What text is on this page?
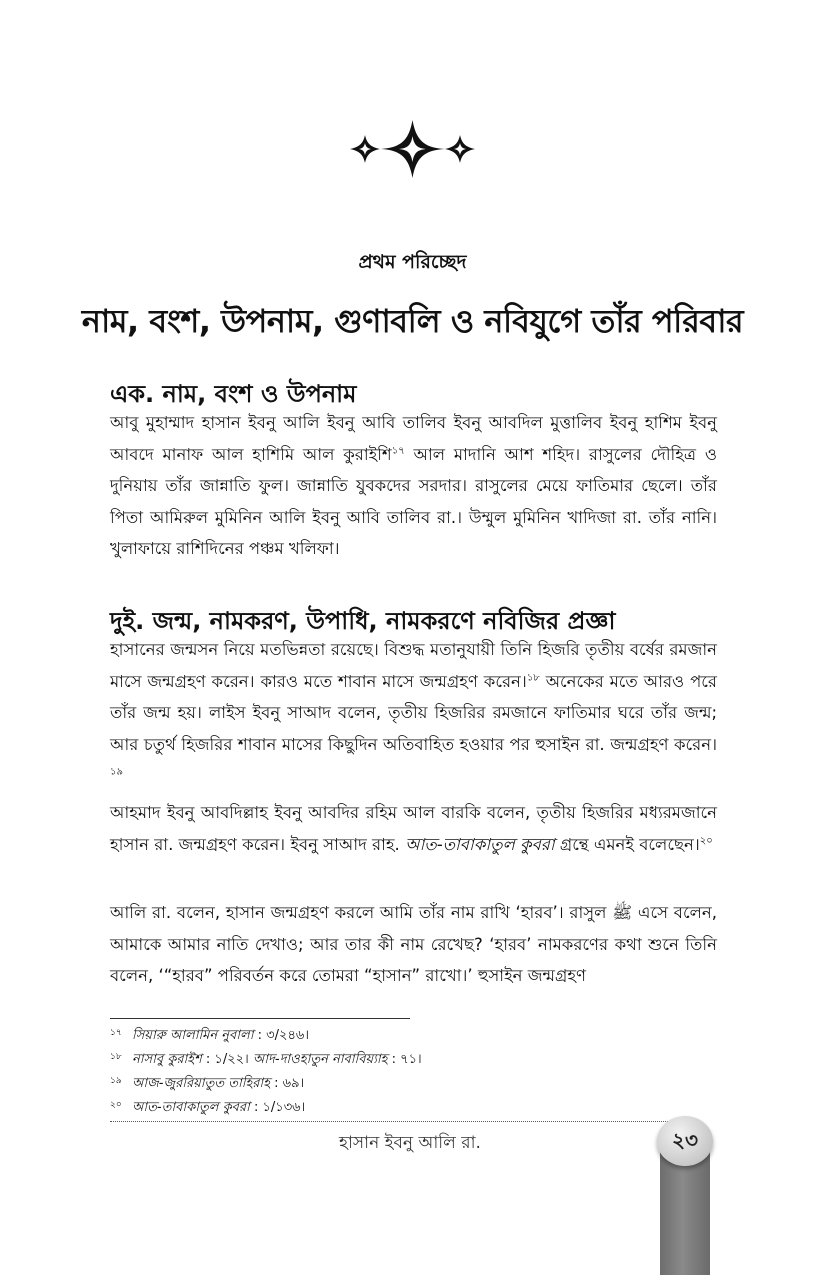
প্রথম পরিচ্ছেদ
নাম, বংশ, উপনাম, গুণাবলি ও নবিযুগে তাঁর পরিবার
এক. নাম, বংশ ও উপনাম

আবু মুহাম্মাদ হাসান ইবনু আলি ইবনু আবি তালিব ইবনু আবদিল মুত্তালিব ইবনু হাশিম ইবনু আবদে মানাফ আল হাশিমি আল কুরাইশি$^{১৭}$ আল মাদানি আশ শহিদ। রাসুলের দৌহিত্র ও দুনিয়ায় তাঁর জান্নাতি ফুল। জান্নাতি যুবকদের সরদার। রাসুলের মেয়ে ফাতিমার ছেলে। তাঁর পিতা আমিরুল মুমিনিন আলি ইবনু আবি তালিব রা.। উম্মুল মুমিনিন খাদিজা রা. তাঁর নানি। খুলাফায়ে রাশিদিনের পঞ্চম খলিফা।

দুই. জন্ম, নামকরণ, উপাধি, নামকরণে নবিজির প্রজ্ঞা

হাসানের জন্মসন নিয়ে মতভিন্নতা রয়েছে। বিশুদ্ধ মতানুযায়ী তিনি হিজরি তৃতীয় বর্ষের রমজান মাসে জন্মগ্রহণ করেন। কারও মতে শাবান মাসে জন্মগ্রহণ করেন।$^{১৮}$ অনেকের মতে আরও পরে তাঁর জন্ম হয়। লাইস ইবনু সাআদ বলেন, তৃতীয় হিজরির রমজানে ফাতিমার ঘরে তাঁর জন্ম; আর চতুর্থ হিজরির শাবান মাসের কিছুদিন অতিবাহিত হওয়ার পর হুসাইন রা. জন্মগ্রহণ করেন।$^{১৯}$

আহমাদ ইবনু আবদিল্লাহ ইবনু আবদির রহিম আল বারকি বলেন, তৃতীয় হিজরির মধ্যরমজানে হাসান রা. জন্মগ্রহণ করেন। ইবনু সাআদ রাহ. আত-তাবাকাতুল কুবরা গ্রন্থে এমনই বলেছেন।$^{২০}$

আলি রা. বলেন, হাসান জন্মগ্রহণ করলে আমি তাঁর নাম রাখি ‘হারব’। রাসুল ﷺ এসে বলেন, আমাকে আমার নাতি দেখাও; আর তার কী নাম রেখেছ? ‘হারব’ নামকরণের কথা শুনে তিনি বলেন, ‘“হারব” পরিবর্তন করে তোমরা “হাসান” রাখো।’ হুসাইন জন্মগ্রহণ

১৭ সিয়ারু আলামিন নুবালা : ৩/২৪৬।
১৮ নাসাবু কুরাইশ : ১/২২। আদ-দাওহাতুন নাবাবিয়্যাহ : ৭১।
১৯ আজ-জুররিয়াতুত তাহিরাহ : ৬৯।
২০ আত-তাবাকাতুল কুবরা : ১/১৩৬।
হাসান ইবনু আলি রা.	২৩
